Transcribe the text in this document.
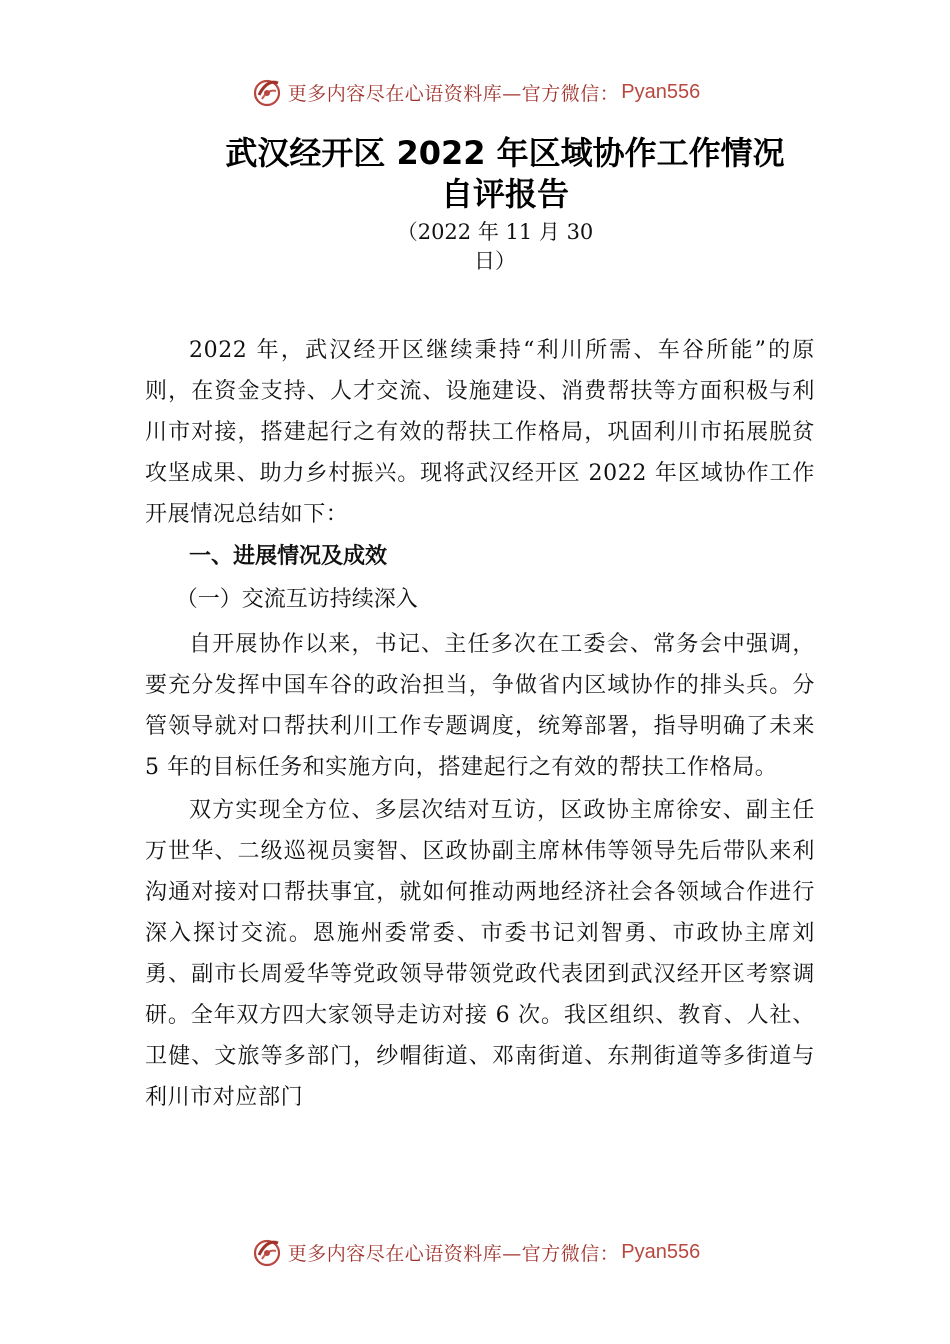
更多内容尽在心语资料库—官方微信： Pyan556
武汉经开区 2022 年区域协作工作情况
自评报告
（2022 年 11 月 30
日）

2022 年，武汉经开区继续秉持“利川所需、车谷所能”的原则，在资金支持、人才交流、设施建设、消费帮扶等方面积极与利川市对接，搭建起行之有效的帮扶工作格局，巩固利川市拓展脱贫攻坚成果、助力乡村振兴。现将武汉经开区 2022 年区域协作工作开展情况总结如下：

一、进展情况及成效

（一）交流互访持续深入

自开展协作以来，书记、主任多次在工委会、常务会中强调，要充分发挥中国车谷的政治担当，争做省内区域协作的排头兵。分管领导就对口帮扶利川工作专题调度，统筹部署，指导明确了未来 5 年的目标任务和实施方向，搭建起行之有效的帮扶工作格局。

双方实现全方位、多层次结对互访，区政协主席徐安、副主任万世华、二级巡视员窦智、区政协副主席林伟等领导先后带队来利沟通对接对口帮扶事宜，就如何推动两地经济社会各领域合作进行深入探讨交流。恩施州委常委、市委书记刘智勇、市政协主席刘勇、副市长周爱华等党政领导带领党政代表团到武汉经开区考察调研。全年双方四大家领导走访对接 6 次。我区组织、教育、人社、卫健、文旅等多部门，纱帽街道、邓南街道、东荆街道等多街道与利川市对应部门

更多内容尽在心语资料库—官方微信： Pyan556
